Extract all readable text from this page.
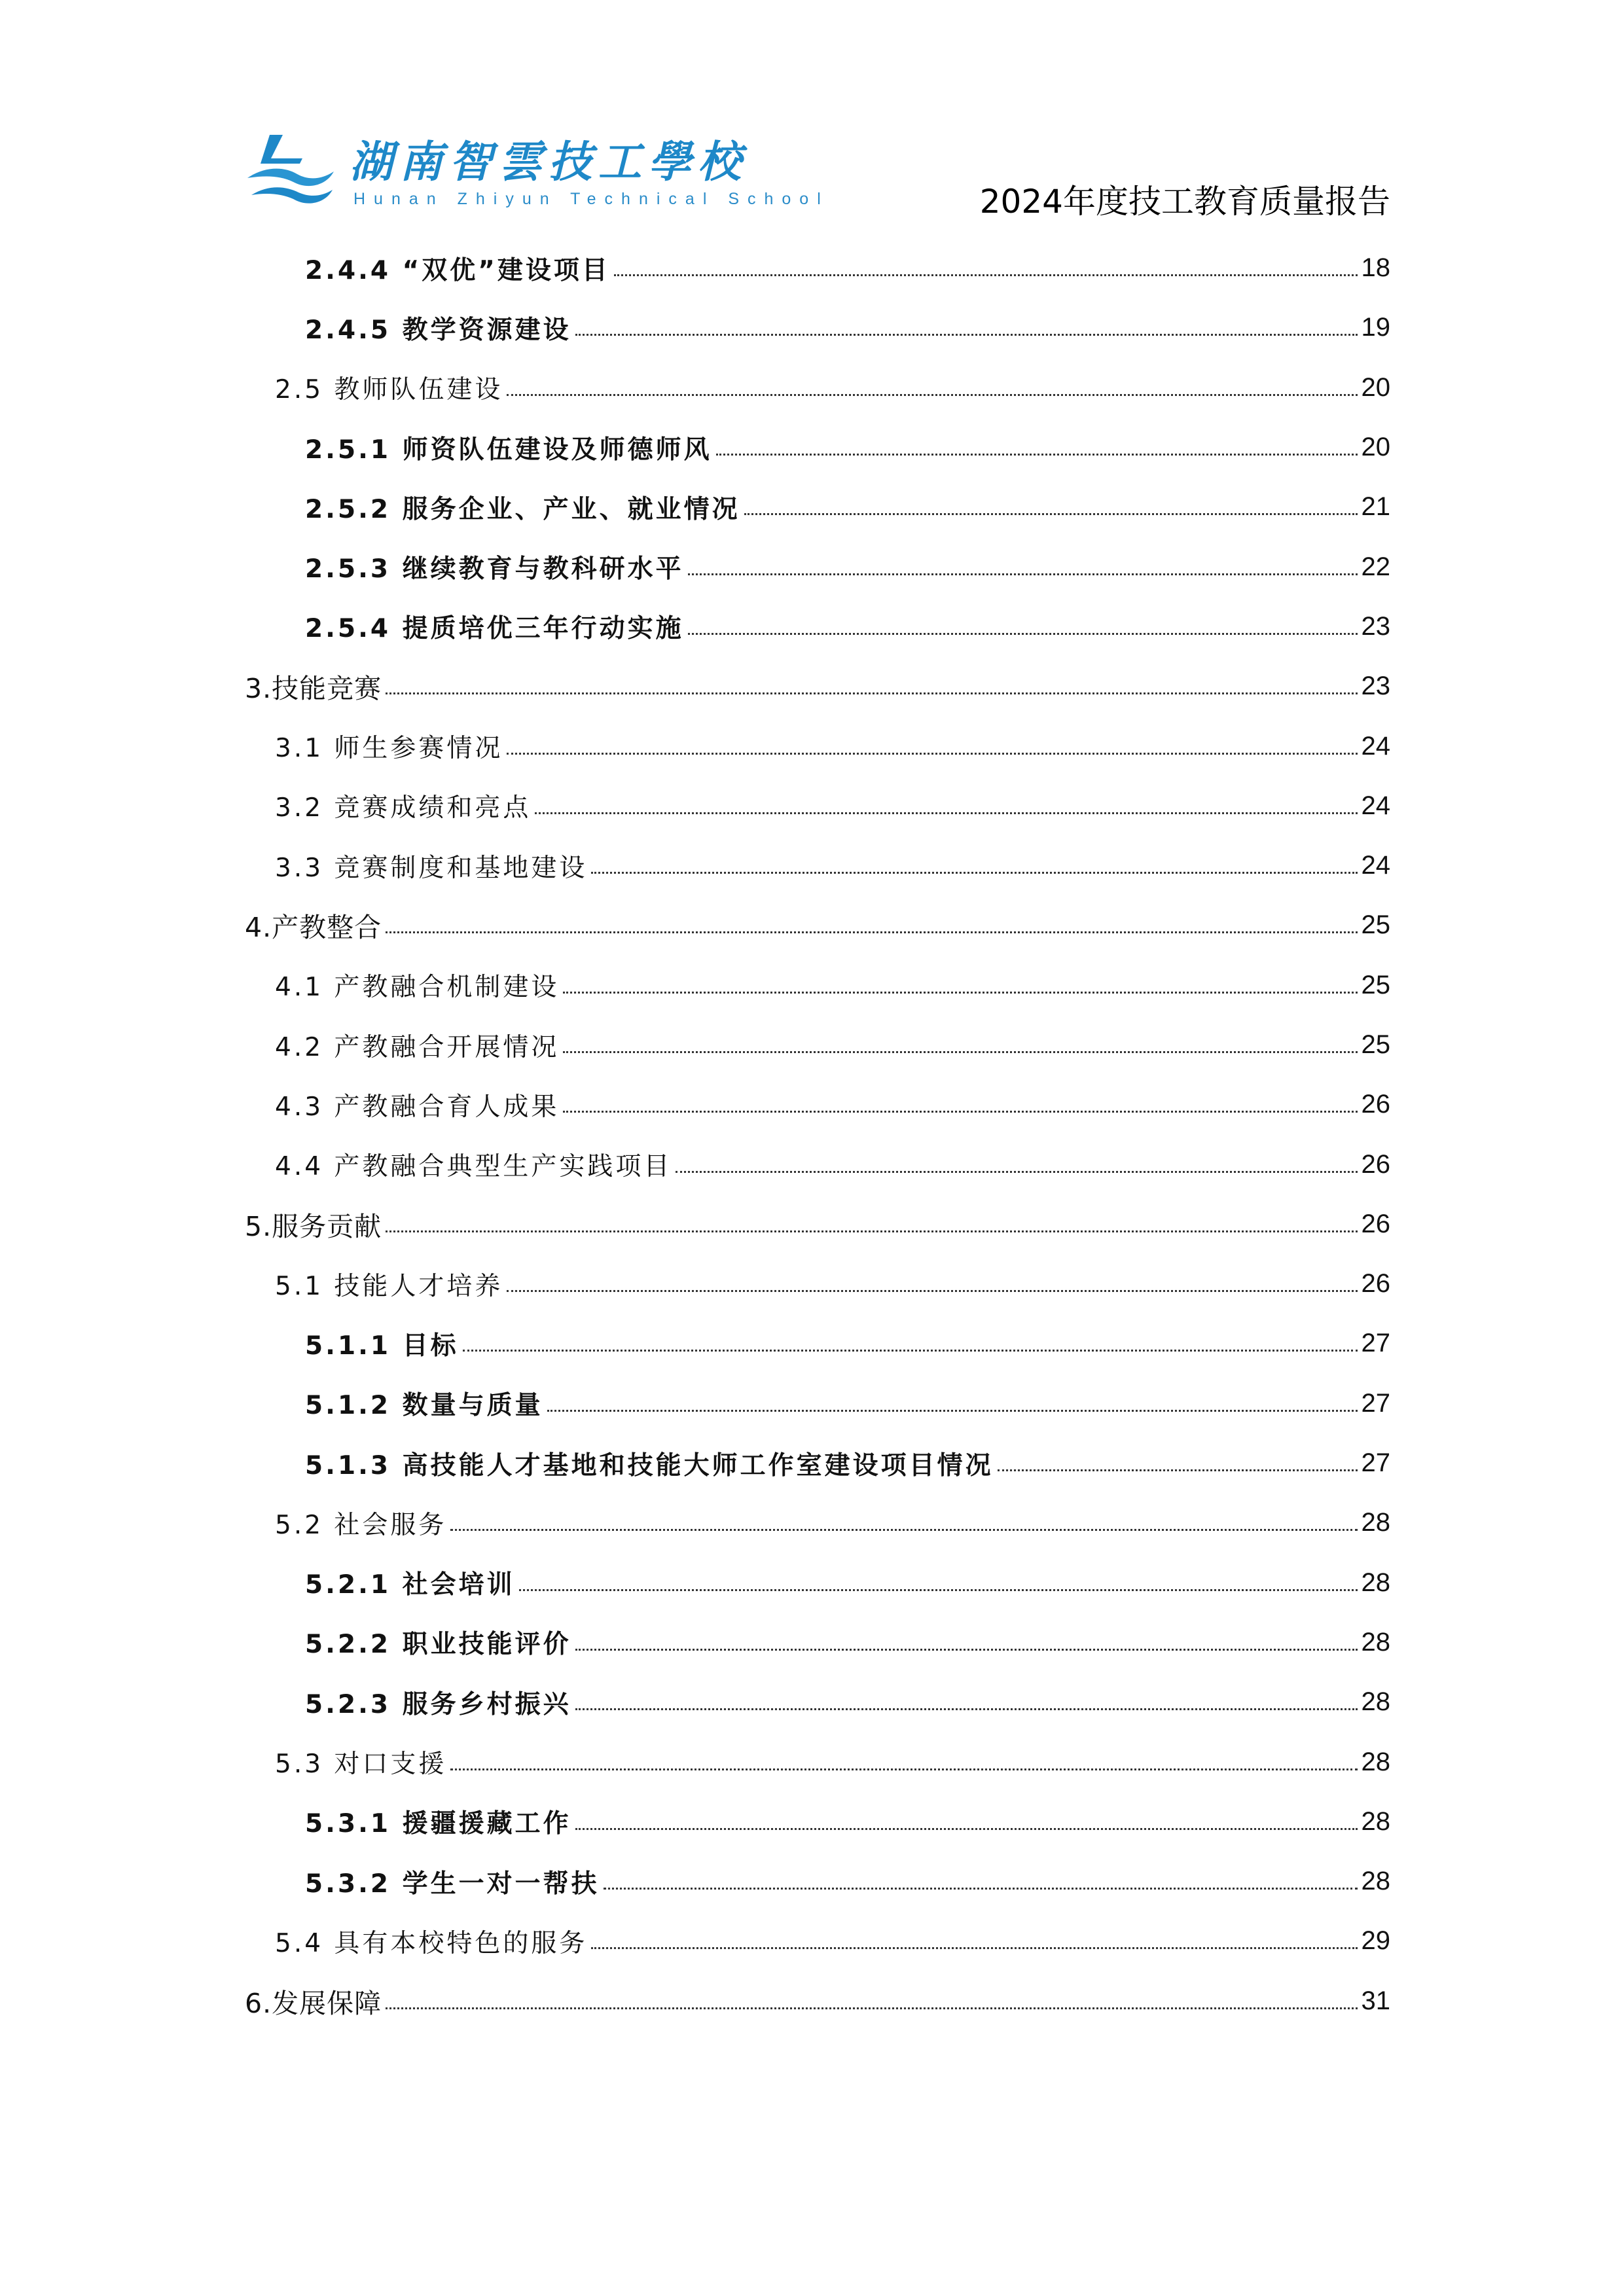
湖南智雲技工學校
Hunan Zhiyun Technical School	2024年度技工教育质量报告
2.4.4 “双优”建设项目	18
2.4.5 教学资源建设	19
2.5 教师队伍建设	20
2.5.1 师资队伍建设及师德师风	20
2.5.2 服务企业、产业、就业情况	21
2.5.3 继续教育与教科研水平	22
2.5.4 提质培优三年行动实施	23
3.技能竞赛	23
3.1 师生参赛情况	24
3.2 竞赛成绩和亮点	24
3.3 竞赛制度和基地建设	24
4.产教整合	25
4.1 产教融合机制建设	25
4.2 产教融合开展情况	25
4.3 产教融合育人成果	26
4.4 产教融合典型生产实践项目	26
5.服务贡献	26
5.1 技能人才培养	26
5.1.1 目标	27
5.1.2 数量与质量	27
5.1.3 高技能人才基地和技能大师工作室建设项目情况	27
5.2 社会服务	28
5.2.1 社会培训	28
5.2.2 职业技能评价	28
5.2.3 服务乡村振兴	28
5.3 对口支援	28
5.3.1 援疆援藏工作	28
5.3.2 学生一对一帮扶	28
5.4 具有本校特色的服务	29
6.发展保障	31
